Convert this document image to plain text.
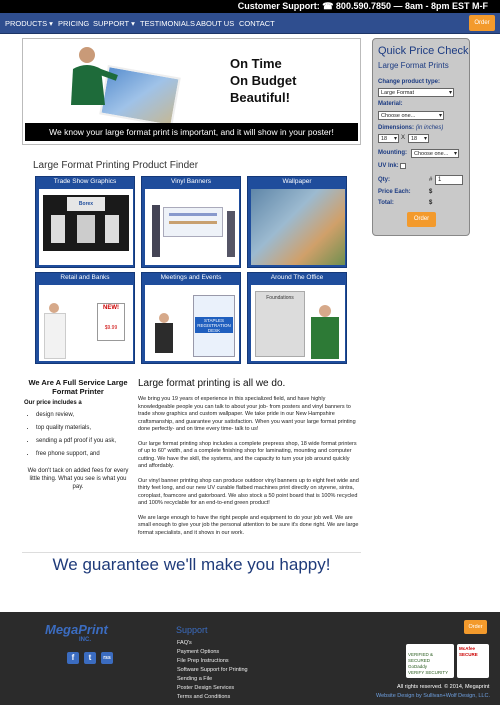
Customer Support: ☎ 800.590.7850 — 8am - 8pm EST M-F
PRODUCTS ▾ PRICING SUPPORT ▾ TESTIMONIALS ABOUT US CONTACT	Order
On Time
On Budget
Beautiful!
We know your large format print is important, and it will show in your poster!
Quick Price Check
Large Format Prints
Change product type:
Large Format ▾
Material:
Choose one... ▾
Dimensions: (in inches)
18 ▾	X	18 ▾
Mounting:	Choose one... ▾
UV Ink:
Qty:	# 1
Price Each:	$
Total:	$
Order
Large Format Printing Product Finder
Trade Show Graphics
Borex
Vinyl Banners	Wallpaper
Retail and Banks
NEW!
$9.99
Meetings and Events
STAPLES REGISTRATION DESK
Around The Office
Foundations
We Are A Full Service Large Format Printer
Our price includes a
• design review,
• top quality materials,
• sending a pdf proof if you ask,
• free phone support, and
We don't tack on added fees for every little thing. What you see is what you pay.
Large format printing is all we do.

We bring you 19 years of experience in this specialized field, and have highly knowledgeable people you can talk to about your job- from posters and vinyl banners to trade show graphics and custom wallpaper. We take pride in our New Hampshire craftsmanship, and guarantee your satisfaction. When you want your large format printing done perfectly- and on time every time- talk to us!

Our large format printing shop includes a complete prepress shop, 18 wide format printers of up to 60" width, and a complete finishing shop for laminating, mounting and computer cutting. We have the skill, the systems, and the capacity to turn your job around quickly and affordably.

Our vinyl banner printing shop can produce outdoor vinyl banners up to eight feet wide and thirty feet long, and our new UV curable flatbed machines print directly on styrene, sintra, coroplast, foamcore and gatorboard. We also stock a 50 point board that is 100% recycled and 100% recyclable for an end-to-end green product!

We are large enough to have the right people and equipment to do your job well. We are small enough to give your job the personal attention to be sure it's done right. We are large format specialists, and it shows in our work.

We guarantee we'll make you happy!
MegaPrint
INC.
f	t	rss
Support
FAQ's
Payment Options
File Prep Instructions
Software Support for Printing
Sending a File
Poster Design Services
Terms and Conditions
Order

VERIFIED & SECURED
GoDaddy
VERIFY SECURITY

30-Jul-14 10:00 GMT

McAfee SECURE
All rights reserved. © 2014, Megaprint
Website Design by Sullivan+Wolf Design, LLC.
